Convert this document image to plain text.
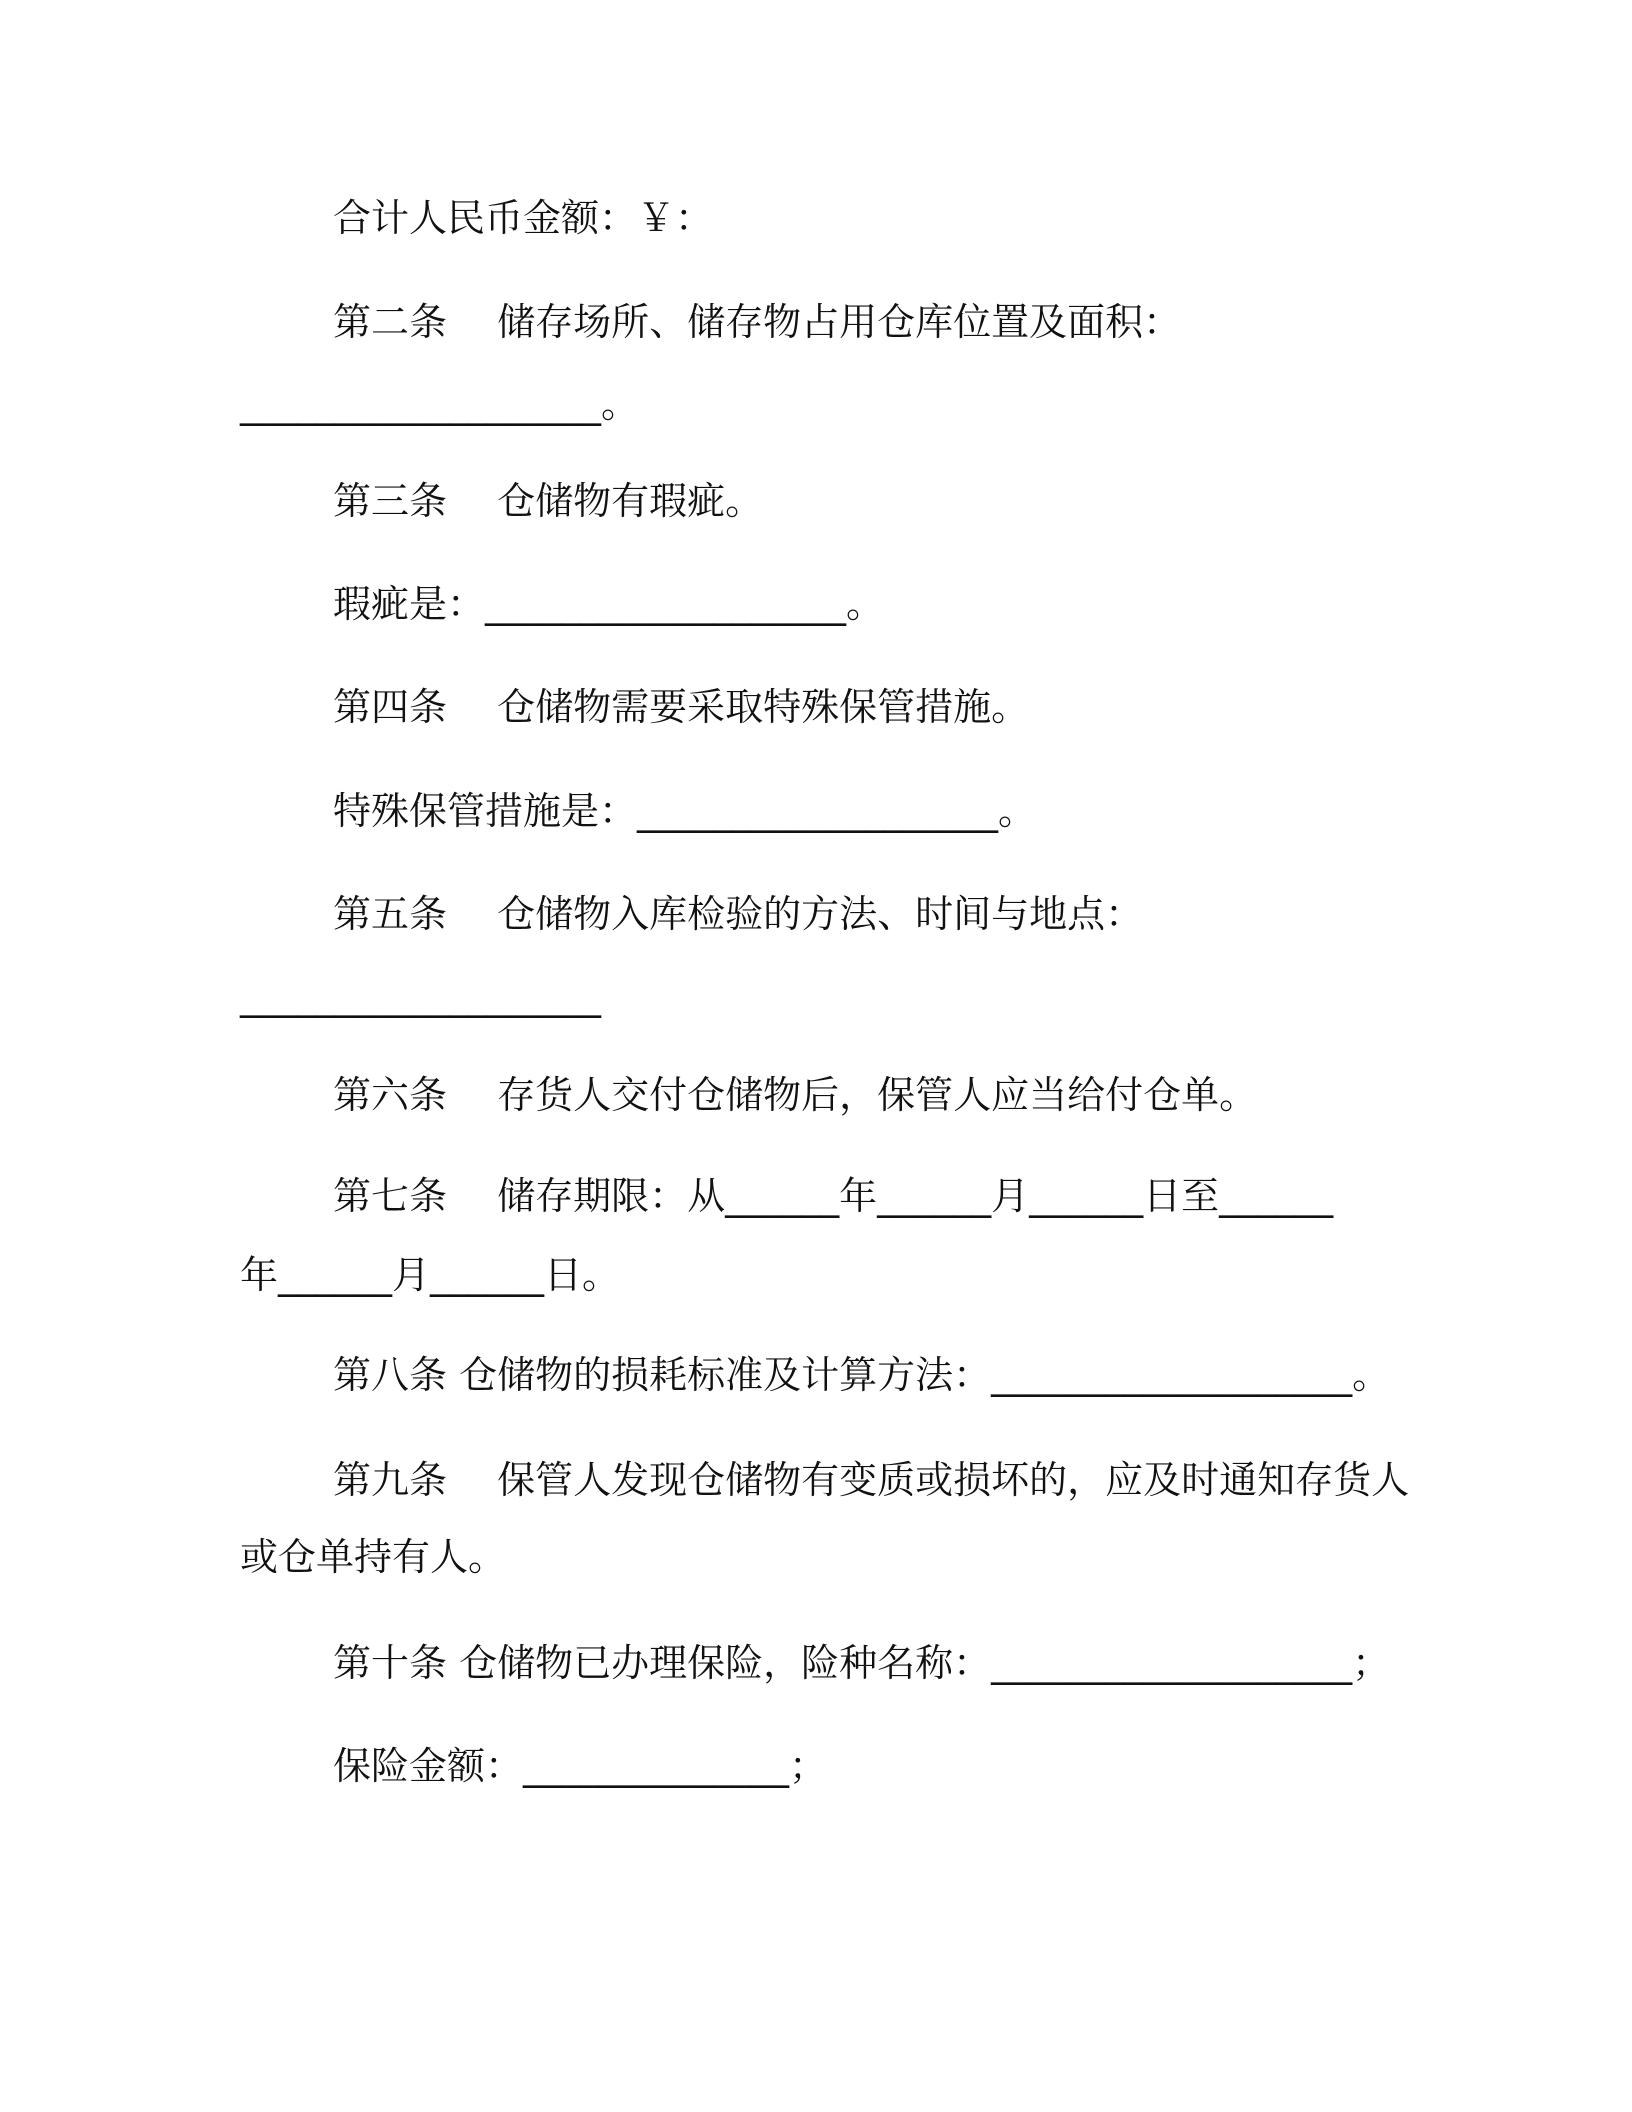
合计人民币金额：￥：

第二条　 储存场所、储存物占用仓库位置及面积：

___________________。

第三条　 仓储物有瑕疵。

瑕疵是：___________________。

第四条　 仓储物需要采取特殊保管措施。

特殊保管措施是：___________________。

第五条　 仓储物入库检验的方法、时间与地点：

___________________

第六条　 存货人交付仓储物后，保管人应当给付仓单。

第七条　 储存期限：从______年______月______日至______

年______月______日。

第八条 仓储物的损耗标准及计算方法：___________________。

第九条　 保管人发现仓储物有变质或损坏的，应及时通知存货人

或仓单持有人。

第十条 仓储物已办理保险，险种名称：___________________；

保险金额：______________；
